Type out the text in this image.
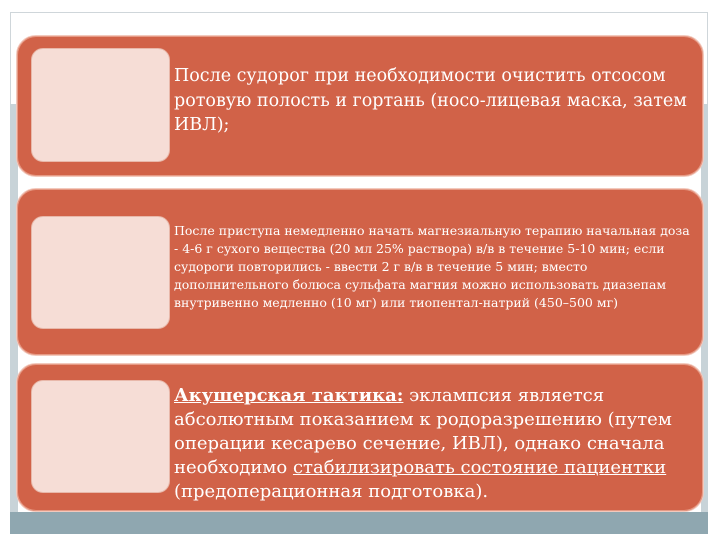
После судорог при необходимости очистить отсосом ротовую полость и гортань (носо-лицевая маска, затем ИВЛ);
После приступа немедленно начать магнезиальную терапию начальная доза - 4-6 г сухого вещества (20 мл 25% раствора) в/в в течение 5-10 мин; если судороги повторились - ввести 2 г в/в в течение 5 мин; вместо дополнительного болюса сульфата магния можно использовать диазепам внутривенно медленно (10 мг) или тиопентал-натрий (450–500 мг)
Акушерская тактика: эклампсия является абсолютным показанием к родоразрешению (путем операции кесарево сечение, ИВЛ), однако сначала необходимо стабилизировать состояние пациентки (предоперационная подготовка).
